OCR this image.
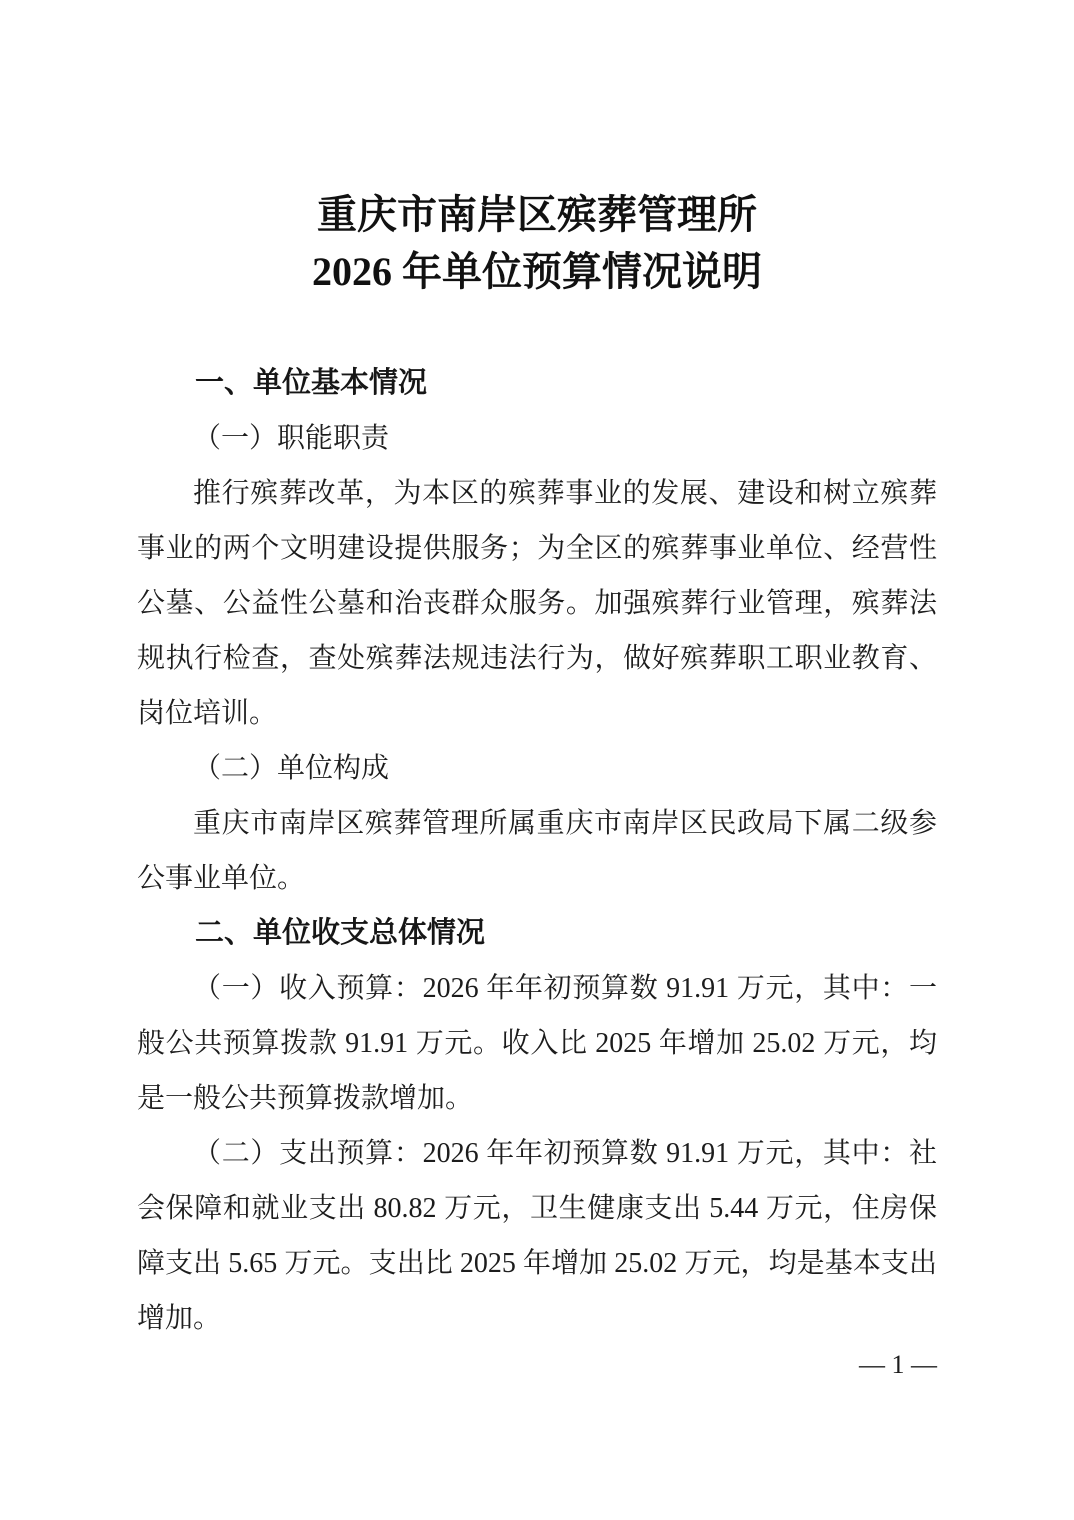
重庆市南岸区殡葬管理所
2026 年单位预算情况说明
一、单位基本情况

（一）职能职责

推行殡葬改革，为本区的殡葬事业的发展、建设和树立殡葬事业的两个文明建设提供服务；为全区的殡葬事业单位、经营性公墓、公益性公墓和治丧群众服务。加强殡葬行业管理，殡葬法规执行检查，查处殡葬法规违法行为，做好殡葬职工职业教育、岗位培训。

（二）单位构成

重庆市南岸区殡葬管理所属重庆市南岸区民政局下属二级参公事业单位。

二、单位收支总体情况

（一）收入预算：2026 年年初预算数 91.91 万元，其中：一般公共预算拨款 91.91 万元。收入比 2025 年增加 25.02 万元，均是一般公共预算拨款增加。

（二）支出预算：2026 年年初预算数 91.91 万元，其中：社会保障和就业支出 80.82 万元，卫生健康支出 5.44 万元，住房保障支出 5.65 万元。支出比 2025 年增加 25.02 万元，均是基本支出增加。

— 1 —
